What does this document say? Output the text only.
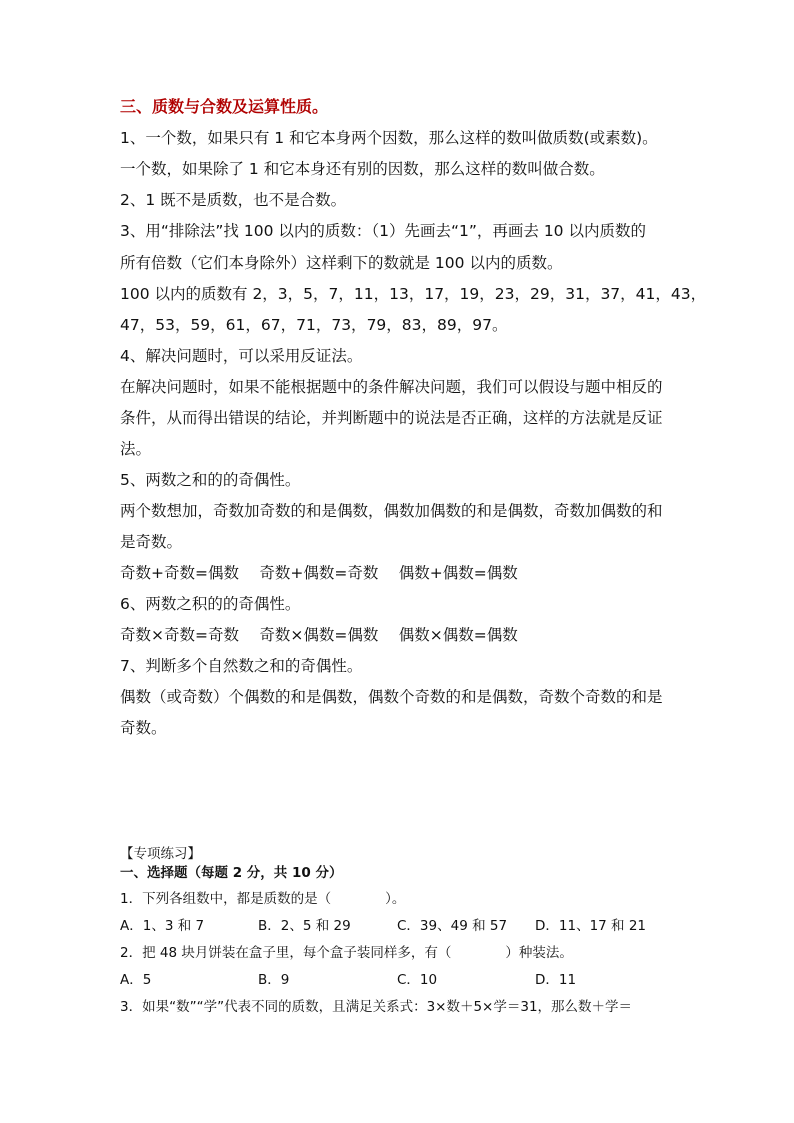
三、质数与合数及运算性质。
1、一个数，如果只有 1 和它本身两个因数，那么这样的数叫做质数(或素数)。
一个数，如果除了 1 和它本身还有别的因数，那么这样的数叫做合数。
2、1 既不是质数，也不是合数。
3、用“排除法”找 100 以内的质数：（1）先画去“1”，再画去 10 以内质数的
所有倍数（它们本身除外）这样剩下的数就是 100 以内的质数。
100 以内的质数有 2，3，5，7，11，13，17，19，23，29，31，37，41，43，
47，53，59，61，67，71，73，79，83，89，97。
4、解决问题时，可以采用反证法。
在解决问题时，如果不能根据题中的条件解决问题，我们可以假设与题中相反的
条件，从而得出错误的结论，并判断题中的说法是否正确，这样的方法就是反证
法。
5、两数之和的的奇偶性。
两个数想加，奇数加奇数的和是偶数，偶数加偶数的和是偶数，奇数加偶数的和
是奇数。
奇数+奇数=偶数　 奇数+偶数=奇数　 偶数+偶数=偶数
6、两数之积的的奇偶性。
奇数×奇数=奇数　 奇数×偶数=偶数　 偶数×偶数=偶数
7、判断多个自然数之和的奇偶性。
偶数（或奇数）个偶数的和是偶数，偶数个奇数的和是偶数，奇数个奇数的和是
奇数。
【专项练习】
一、选择题（每题 2 分，共 10 分）
1．下列各组数中，都是质数的是（　　　　）。
A．1、3 和 7	B．2、5 和 29	C．39、49 和 57 D．11、17 和 21
2．把 48 块月饼装在盒子里，每个盒子装同样多，有（　　　　）种装法。
A．5	B．9	C．10	D．11
3．如果“数”“学”代表不同的质数，且满足关系式：3×数＋5×学＝31，那么数＋学＝
